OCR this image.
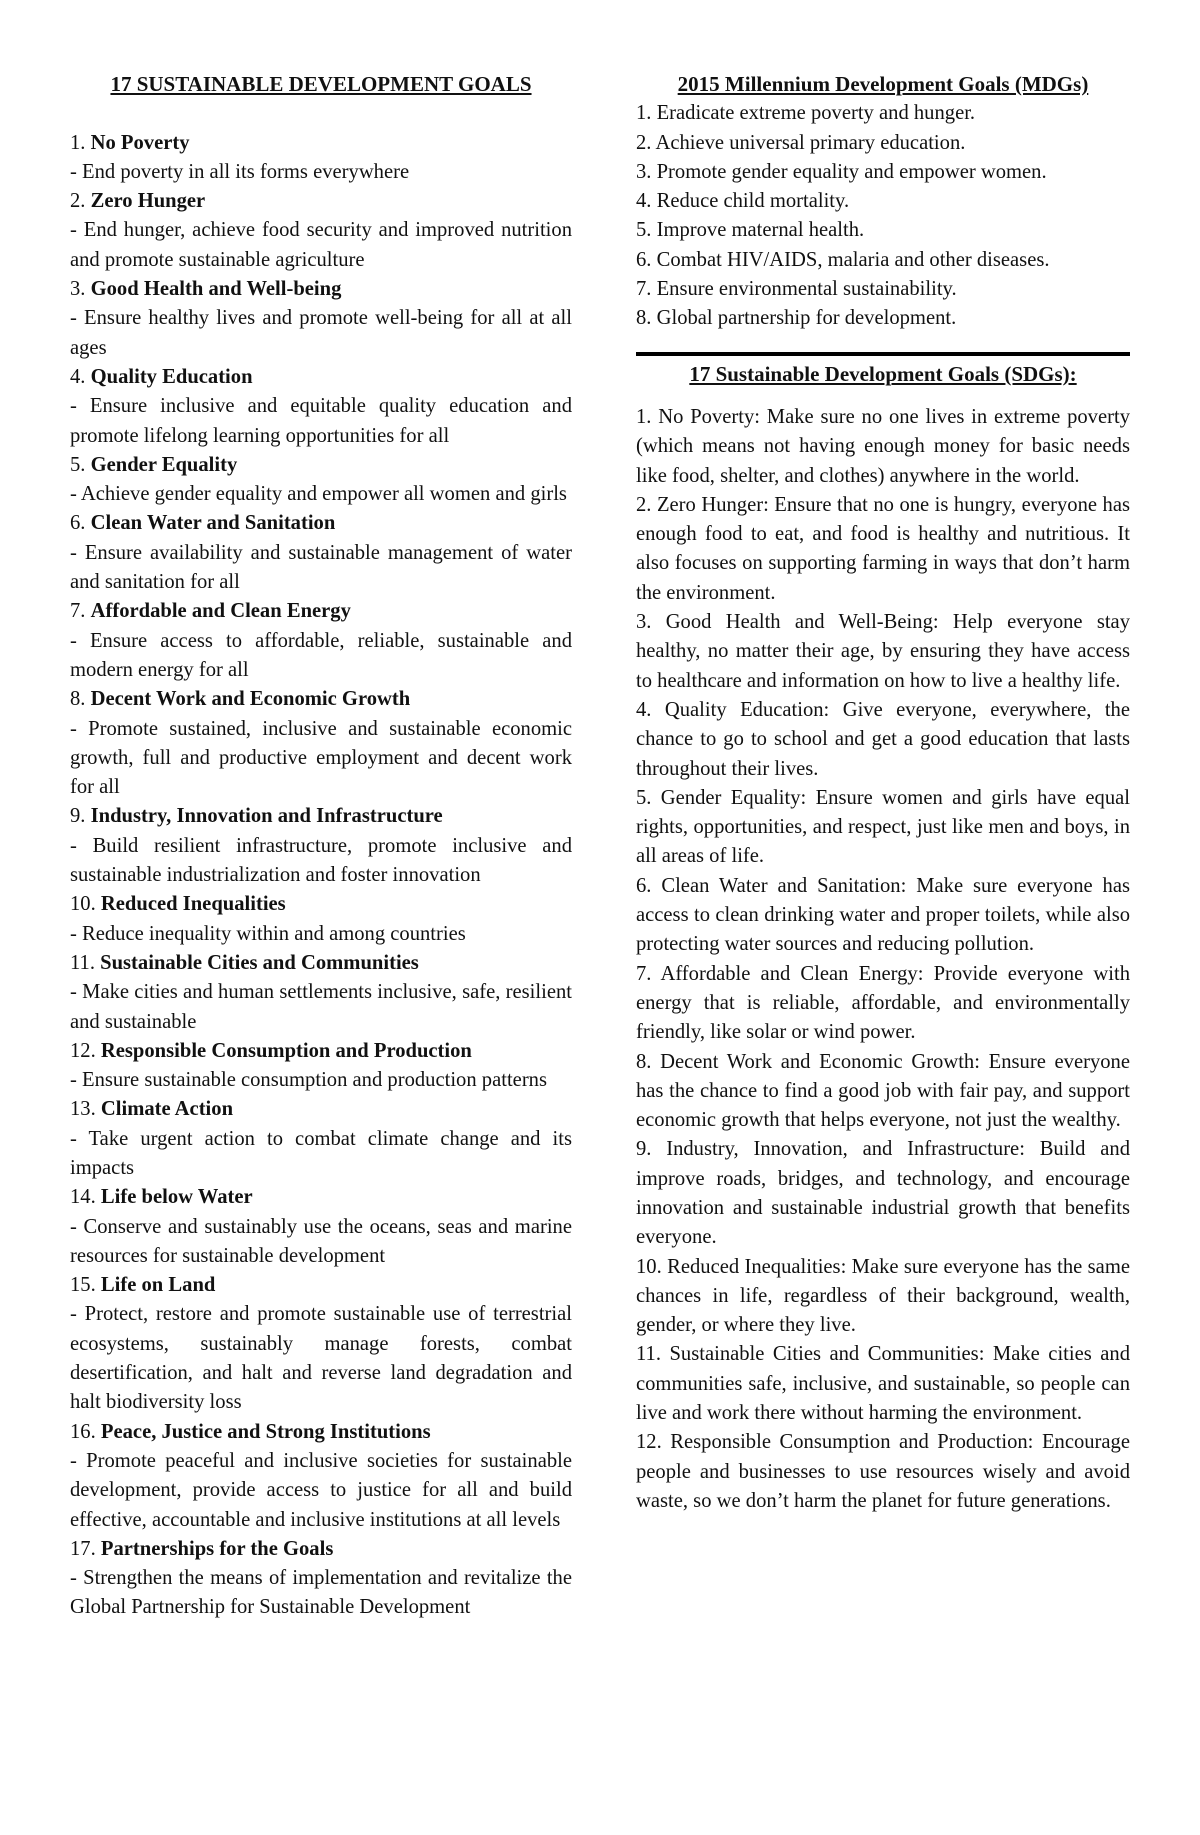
17 SUSTAINABLE DEVELOPMENT GOALS

1. No Poverty

- End poverty in all its forms everywhere

2. Zero Hunger

- End hunger, achieve food security and improved nutrition and promote sustainable agriculture

3. Good Health and Well-being

- Ensure healthy lives and promote well-being for all at all ages

4. Quality Education

- Ensure inclusive and equitable quality education and promote lifelong learning opportunities for all

5. Gender Equality

- Achieve gender equality and empower all women and girls

6. Clean Water and Sanitation

- Ensure availability and sustainable management of water and sanitation for all

7. Affordable and Clean Energy

- Ensure access to affordable, reliable, sustainable and modern energy for all

8. Decent Work and Economic Growth

- Promote sustained, inclusive and sustainable economic growth, full and productive employment and decent work for all

9. Industry, Innovation and Infrastructure

- Build resilient infrastructure, promote inclusive and sustainable industrialization and foster innovation

10. Reduced Inequalities

- Reduce inequality within and among countries

11. Sustainable Cities and Communities

- Make cities and human settlements inclusive, safe, resilient and sustainable

12. Responsible Consumption and Production

- Ensure sustainable consumption and production patterns

13. Climate Action

- Take urgent action to combat climate change and its impacts

14. Life below Water

- Conserve and sustainably use the oceans, seas and marine resources for sustainable development

15. Life on Land

- Protect, restore and promote sustainable use of terrestrial ecosystems, sustainably manage forests, combat desertification, and halt and reverse land degradation and halt biodiversity loss

16. Peace, Justice and Strong Institutions

- Promote peaceful and inclusive societies for sustainable development, provide access to justice for all and build effective, accountable and inclusive institutions at all levels

17. Partnerships for the Goals

- Strengthen the means of implementation and revitalize the Global Partnership for Sustainable Development

2015 Millennium Development Goals (MDGs)

1. Eradicate extreme poverty and hunger.
2. Achieve universal primary education.
3. Promote gender equality and empower women.
4. Reduce child mortality.
5. Improve maternal health.
6. Combat HIV/AIDS, malaria and other diseases.
7. Ensure environmental sustainability.
8. Global partnership for development.

17 Sustainable Development Goals (SDGs):

1. No Poverty: Make sure no one lives in extreme poverty (which means not having enough money for basic needs like food, shelter, and clothes) anywhere in the world.

2. Zero Hunger: Ensure that no one is hungry, everyone has enough food to eat, and food is healthy and nutritious. It also focuses on supporting farming in ways that don’t harm the environment.

3. Good Health and Well-Being: Help everyone stay healthy, no matter their age, by ensuring they have access to healthcare and information on how to live a healthy life.

4. Quality Education: Give everyone, everywhere, the chance to go to school and get a good education that lasts throughout their lives.

5. Gender Equality: Ensure women and girls have equal rights, opportunities, and respect, just like men and boys, in all areas of life.

6. Clean Water and Sanitation: Make sure everyone has access to clean drinking water and proper toilets, while also protecting water sources and reducing pollution.

7. Affordable and Clean Energy: Provide everyone with energy that is reliable, affordable, and environmentally friendly, like solar or wind power.

8. Decent Work and Economic Growth: Ensure everyone has the chance to find a good job with fair pay, and support economic growth that helps everyone, not just the wealthy.

9. Industry, Innovation, and Infrastructure: Build and improve roads, bridges, and technology, and encourage innovation and sustainable industrial growth that benefits everyone.

10. Reduced Inequalities: Make sure everyone has the same chances in life, regardless of their background, wealth, gender, or where they live.

11. Sustainable Cities and Communities: Make cities and communities safe, inclusive, and sustainable, so people can live and work there without harming the environment.

12. Responsible Consumption and Production: Encourage people and businesses to use resources wisely and avoid waste, so we don’t harm the planet for future generations.
